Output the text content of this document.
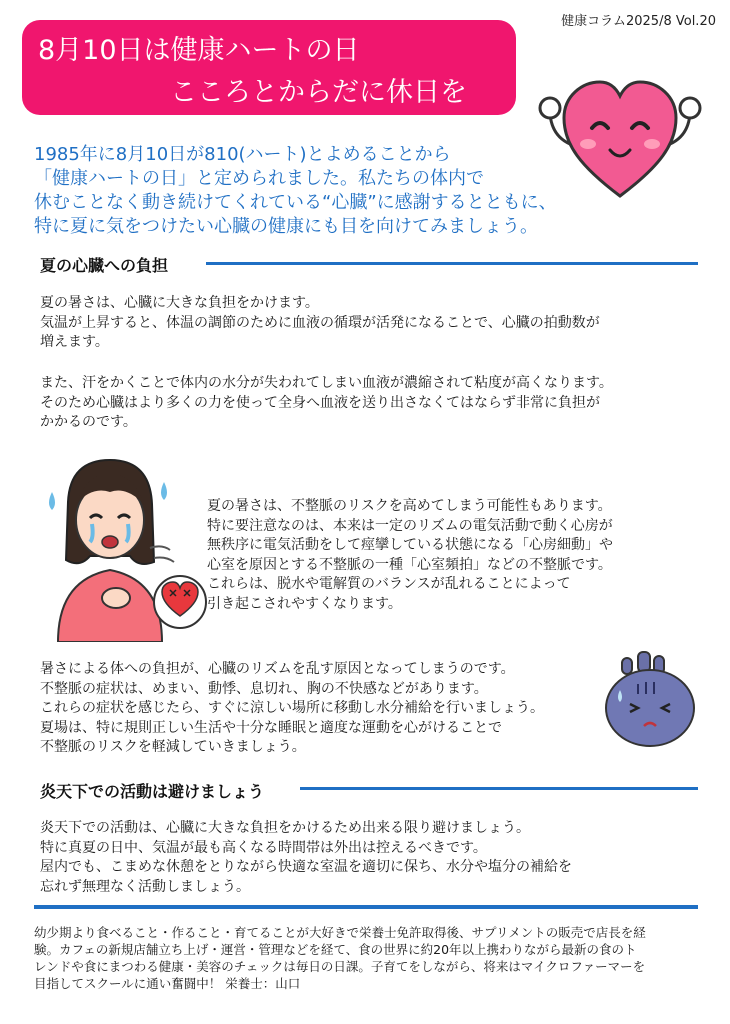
健康コラム2025/8 Vol.20
8月10日は健康ハートの日
こころとからだに休日を
1985年に8月10日が810(ハート)とよめることから
「健康ハートの日」と定められました。私たちの体内で
休むことなく動き続けてくれている“心臓”に感謝するとともに、
特に夏に気をつけたい心臓の健康にも目を向けてみましょう。
夏の心臓への負担
夏の暑さは、心臓に大きな負担をかけます。
気温が上昇すると、体温の調節のために血液の循環が活発になることで、心臓の拍動数が
増えます。
また、汗をかくことで体内の水分が失われてしまい血液が濃縮されて粘度が高くなります。
そのため心臓はより多くの力を使って全身へ血液を送り出さなくてはならず非常に負担が
かかるのです。
夏の暑さは、不整脈のリスクを高めてしまう可能性もあります。
特に要注意なのは、本来は一定のリズムの電気活動で動く心房が
無秩序に電気活動をして痙攣している状態になる「心房細動」や
心室を原因とする不整脈の一種「心室頻拍」などの不整脈です。
これらは、脱水や電解質のバランスが乱れることによって
引き起こされやすくなります。
暑さによる体への負担が、心臓のリズムを乱す原因となってしまうのです。
不整脈の症状は、めまい、動悸、息切れ、胸の不快感などがあります。
これらの症状を感じたら、すぐに涼しい場所に移動し水分補給を行いましょう。
夏場は、特に規則正しい生活や十分な睡眠と適度な運動を心がけることで
不整脈のリスクを軽減していきましょう。
炎天下での活動は避けましょう
炎天下での活動は、心臓に大きな負担をかけるため出来る限り避けましょう。
特に真夏の日中、気温が最も高くなる時間帯は外出は控えるべきです。
屋内でも、こまめな休憩をとりながら快適な室温を適切に保ち、水分や塩分の補給を
忘れず無理なく活動しましょう。
幼少期より食べること・作ること・育てることが大好きで栄養士免許取得後、サプリメントの販売で店長を経
験。カフェの新規店舗立ち上げ・運営・管理などを経て、食の世界に約20年以上携わりながら最新の食のト
レンドや食にまつわる健康・美容のチェックは毎日の日課。子育てをしながら、将来はマイクロファーマーを
目指してスクールに通い奮闘中！ 栄養士：山口
